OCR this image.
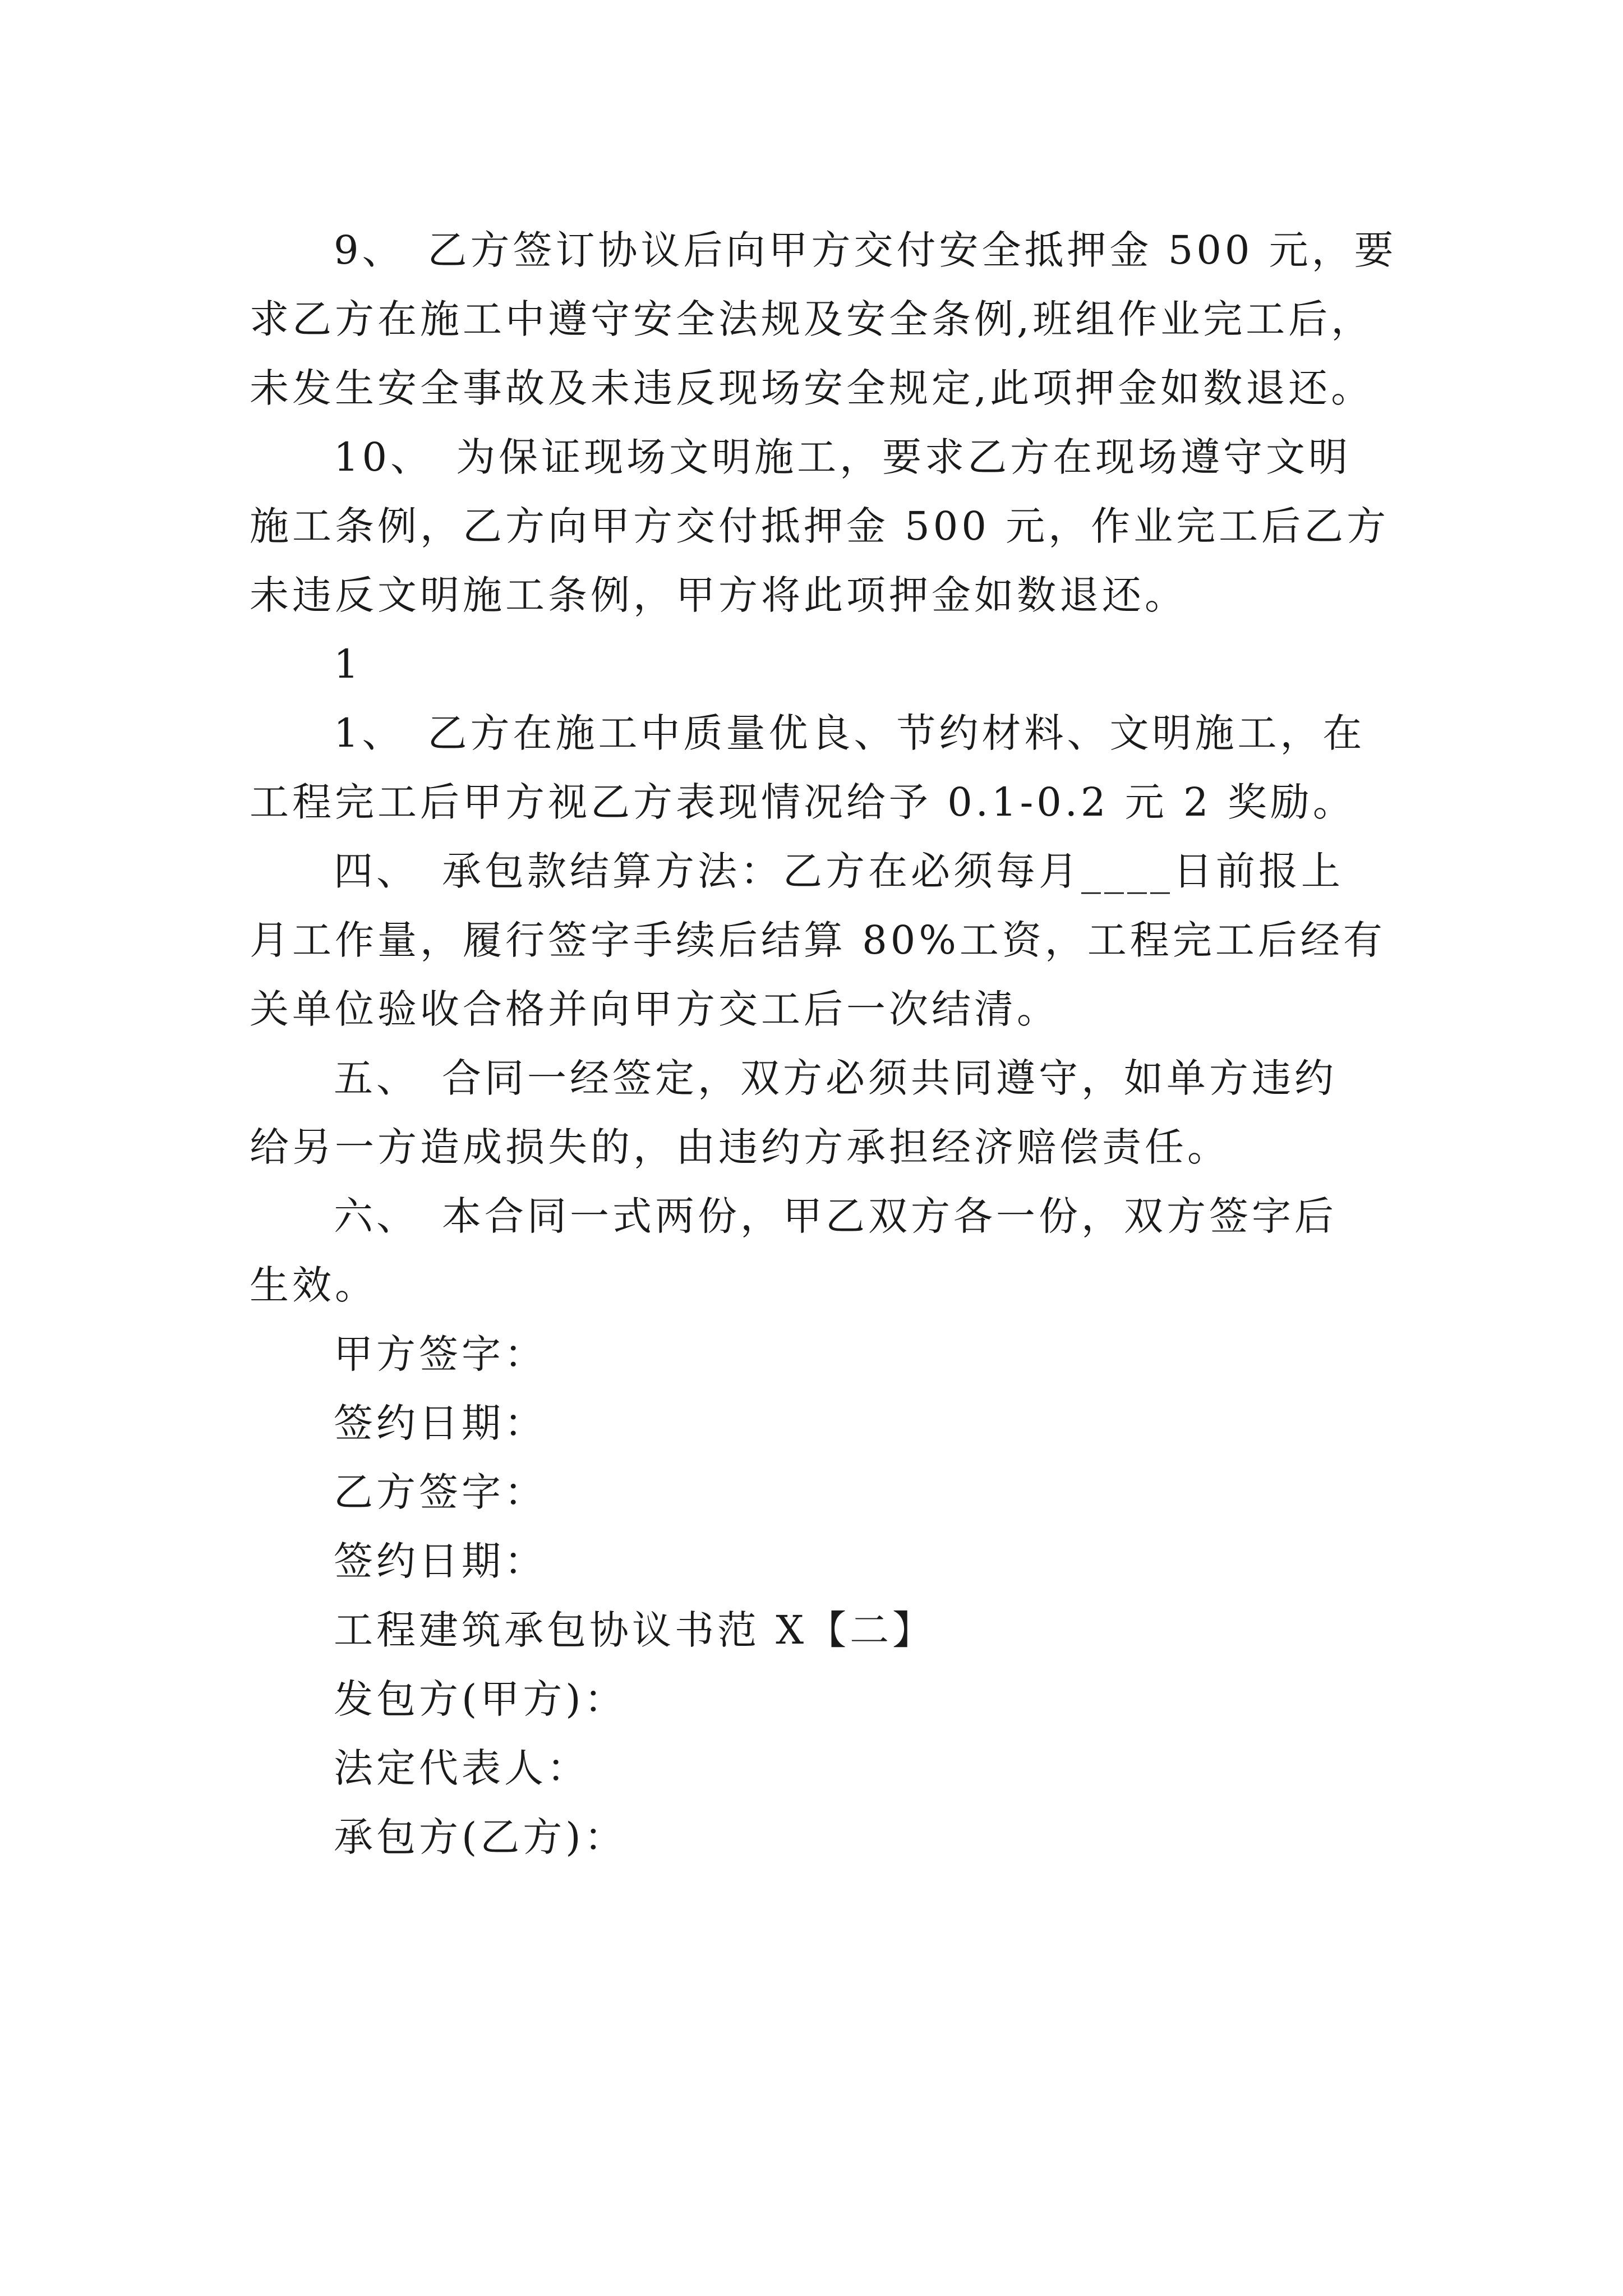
9、　乙方签订协议后向甲方交付安全抵押金 500 元，要
求乙方在施工中遵守安全法规及安全条例,班组作业完工后，
未发生安全事故及未违反现场安全规定,此项押金如数退还。
10、　为保证现场文明施工，要求乙方在现场遵守文明
施工条例，乙方向甲方交付抵押金 500 元，作业完工后乙方
未违反文明施工条例，甲方将此项押金如数退还。
1
1、　乙方在施工中质量优良、节约材料、文明施工，在
工程完工后甲方视乙方表现情况给予 0.1-0.2 元 2 奖励。
四、　承包款结算方法：乙方在必须每月____日前报上
月工作量，履行签字手续后结算 80%工资，工程完工后经有
关单位验收合格并向甲方交工后一次结清。
五、　合同一经签定，双方必须共同遵守，如单方违约
给另一方造成损失的，由违约方承担经济赔偿责任。
六、　本合同一式两份，甲乙双方各一份，双方签字后
生效。
甲方签字：
签约日期：
乙方签字：
签约日期：
工程建筑承包协议书范 X【二】
发包方(甲方)：
法定代表人：
承包方(乙方)：
